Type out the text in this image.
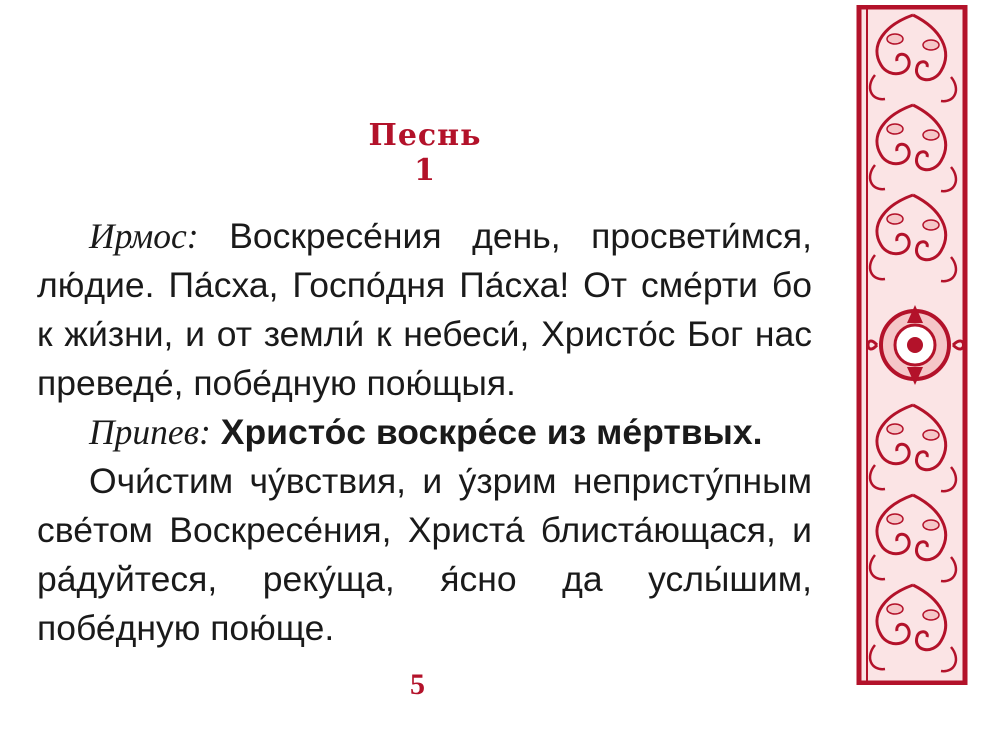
Песнь 1

Ирмос: Воскресе́ния день, просвети́мся, лю́дие. Па́сха, Госпо́дня Па́сха! От сме́рти бо к жи́зни, и от земли́ к небеси́, Христо́с Бог нас преведе́, побе́дную пою́щыя.

Припев: Христо́с воскре́се из ме́ртвых.

Очи́стим чу́вствия, и у́зрим непристу́пным све́том Воскресе́ния, Христа́ блиста́ющася, и ра́дуйтеся, реку́ща, я́сно да услы́шим, побе́дную пою́ще.

5
